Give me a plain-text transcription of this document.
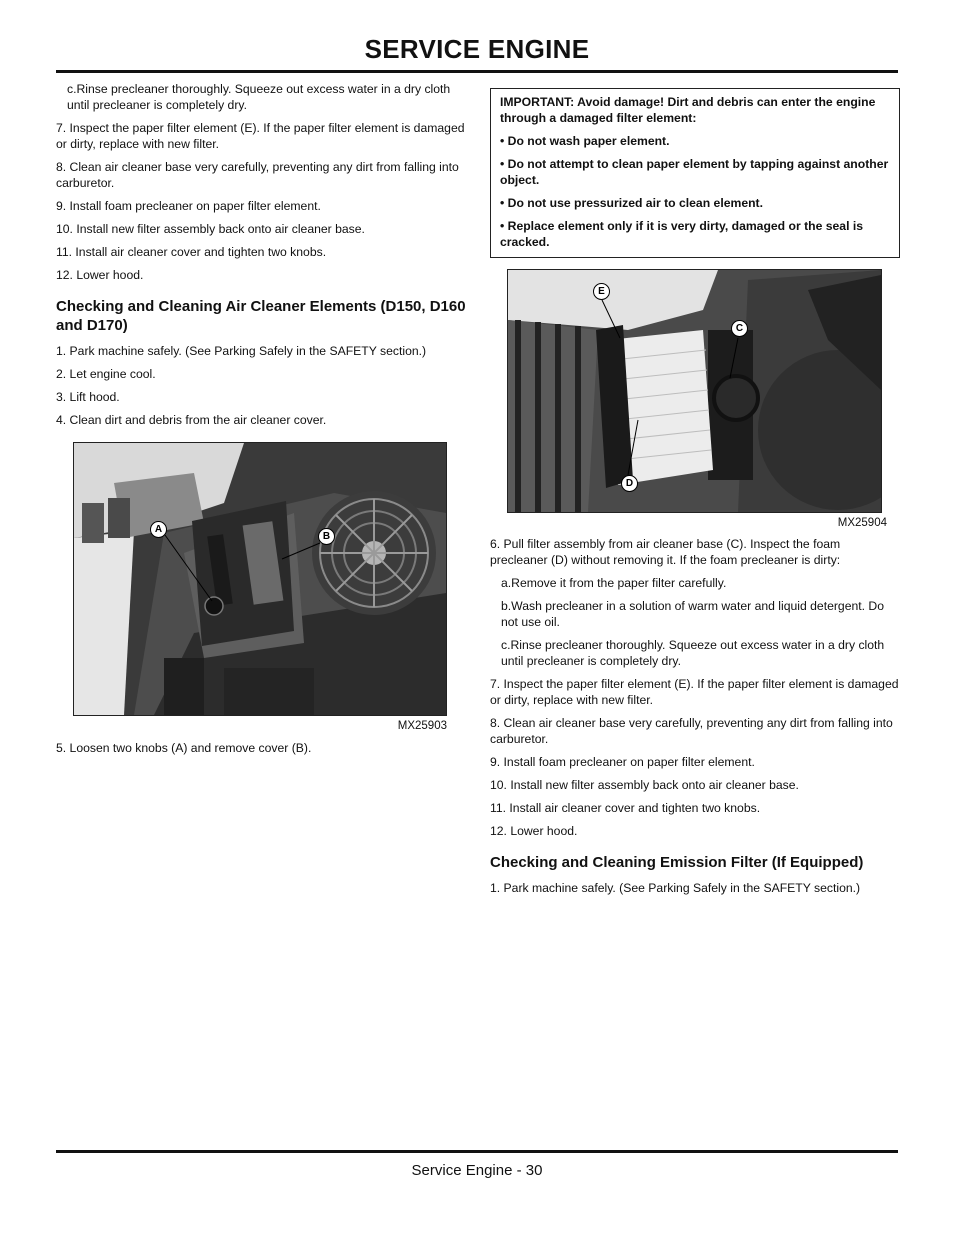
SERVICE ENGINE

c.Rinse precleaner thoroughly. Squeeze out excess water in a dry cloth until precleaner is completely dry.

7. Inspect the paper filter element (E). If the paper filter element is damaged or dirty, replace with new filter.

8. Clean air cleaner base very carefully, preventing any dirt from falling into carburetor.

9. Install foam precleaner on paper filter element.

10. Install new filter assembly back onto air cleaner base.

11. Install air cleaner cover and tighten two knobs.

12. Lower hood.

Checking and Cleaning Air Cleaner Elements (D150, D160 and D170)

1. Park machine safely. (See Parking Safely in the SAFETY section.)

2. Let engine cool.

3. Lift hood.

4. Clean dirt and debris from the air cleaner cover.

A
B
MX25903

5. Loosen two knobs (A) and remove cover (B).

IMPORTANT: Avoid damage! Dirt and debris can enter the engine through a damaged filter element:

• Do not wash paper element.

• Do not attempt to clean paper element by tapping against another object.

• Do not use pressurized air to clean element.

• Replace element only if it is very dirty, damaged or the seal is cracked.

E
C
D
MX25904

6. Pull filter assembly from air cleaner base (C). Inspect the foam precleaner (D) without removing it. If the foam precleaner is dirty:

a.Remove it from the paper filter carefully.

b.Wash precleaner in a solution of warm water and liquid detergent. Do not use oil.

c.Rinse precleaner thoroughly. Squeeze out excess water in a dry cloth until precleaner is completely dry.

7. Inspect the paper filter element (E). If the paper filter element is damaged or dirty, replace with new filter.

8. Clean air cleaner base very carefully, preventing any dirt from falling into carburetor.

9. Install foam precleaner on paper filter element.

10. Install new filter assembly back onto air cleaner base.

11. Install air cleaner cover and tighten two knobs.

12. Lower hood.

Checking and Cleaning Emission Filter (If Equipped)

1. Park machine safely. (See Parking Safely in the SAFETY section.)

Service Engine - 30
